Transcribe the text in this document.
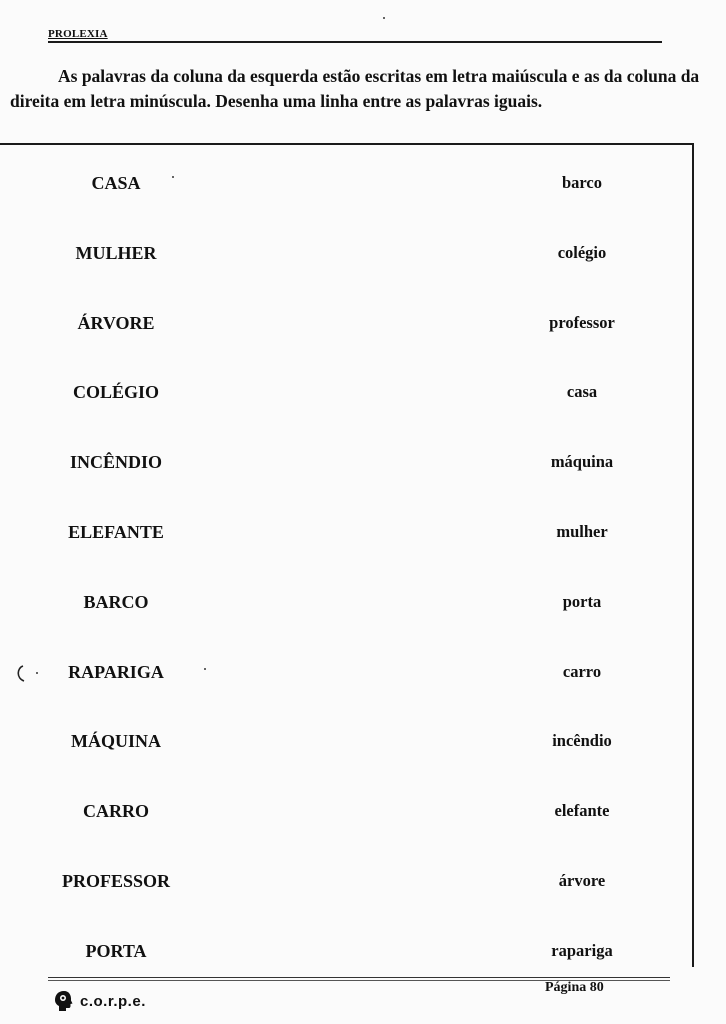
PROLEXIA

As palavras da coluna da esquerda estão escritas em letra maiúscula e as da coluna da direita em letra minúscula. Desenha uma linha entre as palavras iguais.

CASA
MULHER
ÁRVORE
COLÉGIO
INCÊNDIO
ELEFANTE
BARCO
RAPARIGA
MÁQUINA
CARRO
PROFESSOR
PORTA
barco
colégio
professor
casa
máquina
mulher
porta
carro
incêndio
elefante
árvore
rapariga
Página 80
c.o.r.p.e.
